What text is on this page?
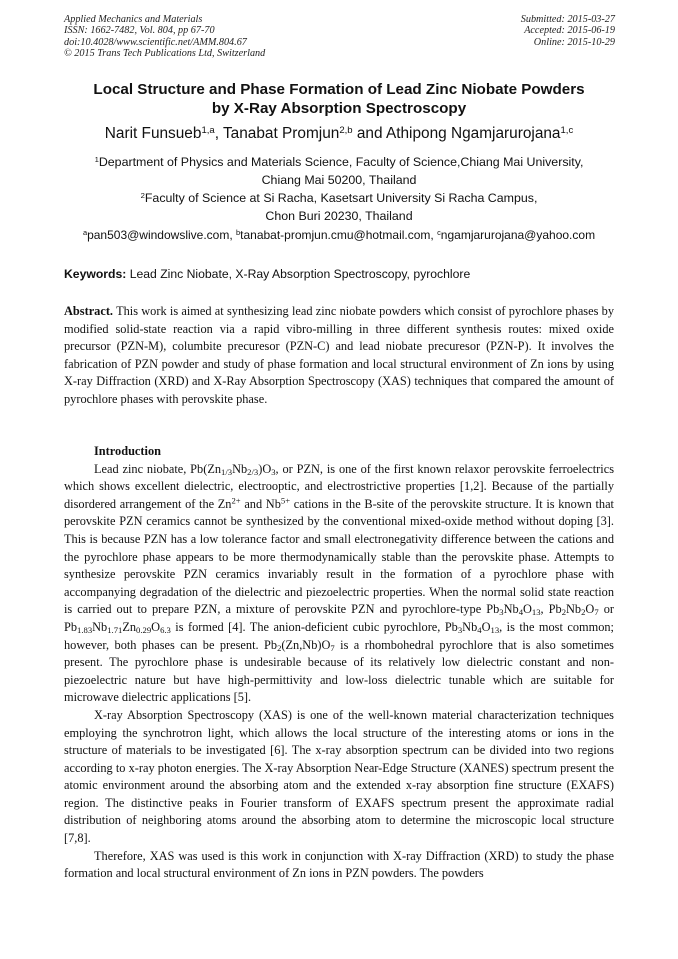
Applied Mechanics and Materials
ISSN: 1662-7482, Vol. 804, pp 67-70
doi:10.4028/www.scientific.net/AMM.804.67
© 2015 Trans Tech Publications Ltd, Switzerland
Submitted: 2015-03-27
Accepted: 2015-06-19
Online: 2015-10-29
Local Structure and Phase Formation of Lead Zinc Niobate Powders
by X-Ray Absorption Spectroscopy
Narit Funsueb$^{1,a}$, Tanabat Promjun$^{2,b}$ and Athipong Ngamjarurojana$^{1,c}$
$^1$Department of Physics and Materials Science, Faculty of Science,Chiang Mai University,
Chiang Mai 50200, Thailand
$^2$Faculty of Science at Si Racha, Kasetsart University Si Racha Campus,
Chon Buri 20230, Thailand
$^a$pan503@windowslive.com, $^b$tanabat-promjun.cmu@hotmail.com, $^c$ngamjarurojana@yahoo.com
Keywords: Lead Zinc Niobate, X-Ray Absorption Spectroscopy, pyrochlore
Abstract. This work is aimed at synthesizing lead zinc niobate powders which consist of pyrochlore phases by modified solid-state reaction via a rapid vibro-milling in three different synthesis routes: mixed oxide precursor (PZN-M), columbite precuresor (PZN-C) and lead niobate precuresor (PZN-P). It involves the fabrication of PZN powder and study of phase formation and local structural environment of Zn ions by using X-ray Diffraction (XRD) and X-Ray Absorption Spectroscopy (XAS) techniques that compared the amount of pyrochlore phases with perovskite phase.

Introduction

Lead zinc niobate, $Pb(Zn_{1/3}Nb_{2/3})O_3$, or PZN, is one of the first known relaxor perovskite ferroelectrics which shows excellent dielectric, electrooptic, and electrostrictive properties [1,2]. Because of the partially disordered arrangement of the $Zn^{2+}$ and $Nb^{5+}$ cations in the B-site of the perovskite structure. It is known that perovskite PZN ceramics cannot be synthesized by the conventional mixed-oxide method without doping [3]. This is because PZN has a low tolerance factor and small electronegativity difference between the cations and the pyrochlore phase appears to be more thermodynamically stable than the perovskite phase. Attempts to synthesize perovskite PZN ceramics invariably result in the formation of a pyrochlore phase with accompanying degradation of the dielectric and piezoelectric properties. When the normal solid state reaction is carried out to prepare PZN, a mixture of perovskite PZN and pyrochlore-type $Pb_3Nb_4O_{13}$, $Pb_2Nb_2O_7$ or $Pb_{1.83}Nb_{1.71}Zn_{0.29}O_{6.3}$ is formed [4]. The anion-deficient cubic pyrochlore, $Pb_3Nb_4O_{13}$, is the most common; however, both phases can be present. $Pb_2(Zn,Nb)O_7$ is a rhombohedral pyrochlore that is also sometimes present. The pyrochlore phase is undesirable because of its relatively low dielectric constant and non-piezoelectric nature but have high-permittivity and low-loss dielectric tunable which are suitable for microwave dielectric applications [5].

X-ray Absorption Spectroscopy (XAS) is one of the well-known material characterization techniques employing the synchrotron light, which allows the local structure of the interesting atoms or ions in the structure of materials to be investigated [6]. The x-ray absorption spectrum can be divided into two regions according to x-ray photon energies. The X-ray Absorption Near-Edge Structure (XANES) spectrum present the atomic environment around the absorbing atom and the extended x-ray absorption fine structure (EXAFS) region. The distinctive peaks in Fourier transform of EXAFS spectrum present the approximate radial distribution of neighboring atoms around the absorbing atom to determine the microscopic local structure [7,8].

Therefore, XAS was used is this work in conjunction with X-ray Diffraction (XRD) to study the phase formation and local structural environment of Zn ions in PZN powders. The powders
